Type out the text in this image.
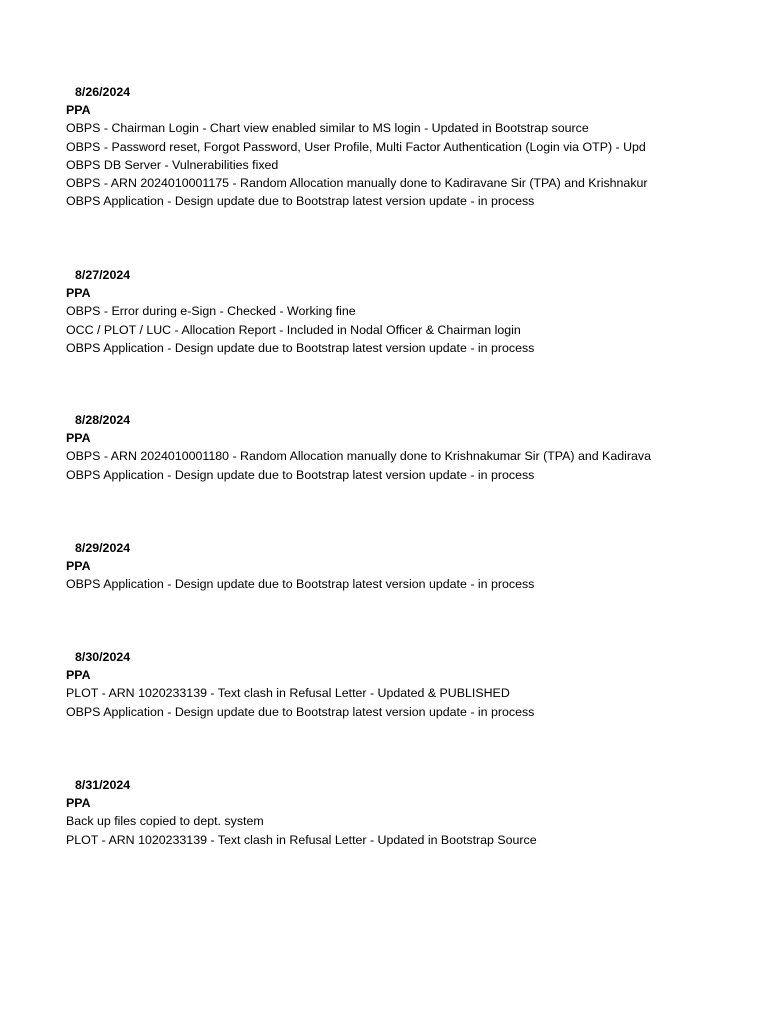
8/26/2024
PPA
OBPS - Chairman Login - Chart view enabled similar to MS login - Updated in Bootstrap source
OBPS - Password reset, Forgot Password, User Profile, Multi Factor Authentication (Login via OTP) - Upd
OBPS DB Server - Vulnerabilities fixed
OBPS - ARN 2024010001175 - Random Allocation manually done to Kadiravane Sir (TPA) and Krishnakur
OBPS Application - Design update due to Bootstrap latest version update - in process
8/27/2024
PPA
OBPS - Error during e-Sign - Checked - Working fine
OCC / PLOT / LUC - Allocation Report - Included in Nodal Officer & Chairman login
OBPS Application - Design update due to Bootstrap latest version update - in process
8/28/2024
PPA
OBPS - ARN 2024010001180 - Random Allocation manually done to Krishnakumar Sir (TPA) and Kadirava
OBPS Application - Design update due to Bootstrap latest version update - in process
8/29/2024
PPA
OBPS Application - Design update due to Bootstrap latest version update - in process
8/30/2024
PPA
PLOT - ARN 1020233139 - Text clash in Refusal Letter - Updated & PUBLISHED
OBPS Application - Design update due to Bootstrap latest version update - in process
8/31/2024
PPA
Back up files copied to dept. system
PLOT - ARN 1020233139 - Text clash in Refusal Letter - Updated in Bootstrap Source
